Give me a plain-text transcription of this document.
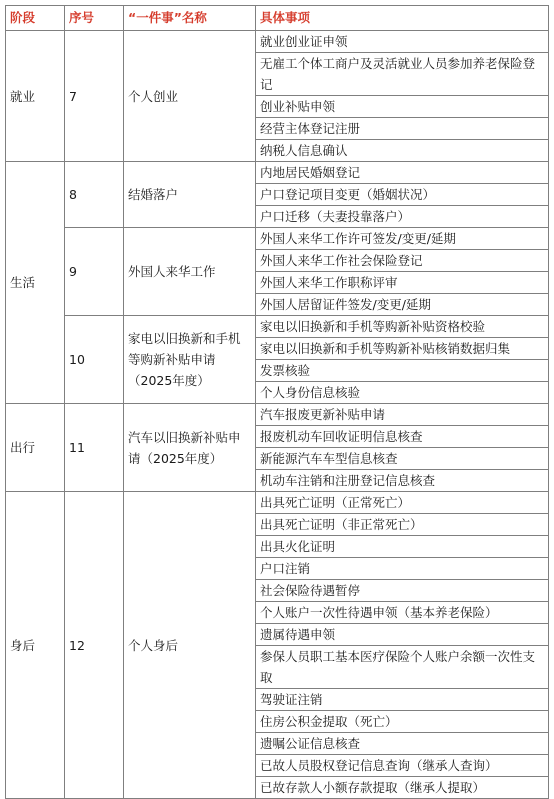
阶段	序号	“一件事”名称	具体事项
就业	7	个人创业	就业创业证申领
			无雇工个体工商户及灵活就业人员参加养老保险登记
			创业补贴申领
			经营主体登记注册
			纳税人信息确认
生活	8	结婚落户	内地居民婚姻登记
			户口登记项目变更（婚姻状况）
			户口迁移（夫妻投靠落户）
	9	外国人来华工作	外国人来华工作许可签发/变更/延期
			外国人来华工作社会保险登记
			外国人来华工作职称评审
			外国人居留证件签发/变更/延期
	10	家电以旧换新和手机等购新补贴申请（2025年度）	家电以旧换新和手机等购新补贴资格校验
			家电以旧换新和手机等购新补贴核销数据归集
			发票核验
			个人身份信息核验
出行	11	汽车以旧换新补贴申请（2025年度）	汽车报废更新补贴申请
			报废机动车回收证明信息核查
			新能源汽车车型信息核查
			机动车注销和注册登记信息核查
身后	12	个人身后	出具死亡证明（正常死亡）
			出具死亡证明（非正常死亡）
			出具火化证明
			户口注销
			社会保险待遇暂停
			个人账户一次性待遇申领（基本养老保险）
			遗属待遇申领
			参保人员职工基本医疗保险个人账户余额一次性支取
			驾驶证注销
			住房公积金提取（死亡）
			遗嘱公证信息核查
			已故人员股权登记信息查询（继承人查询）
			已故存款人小额存款提取（继承人提取）
